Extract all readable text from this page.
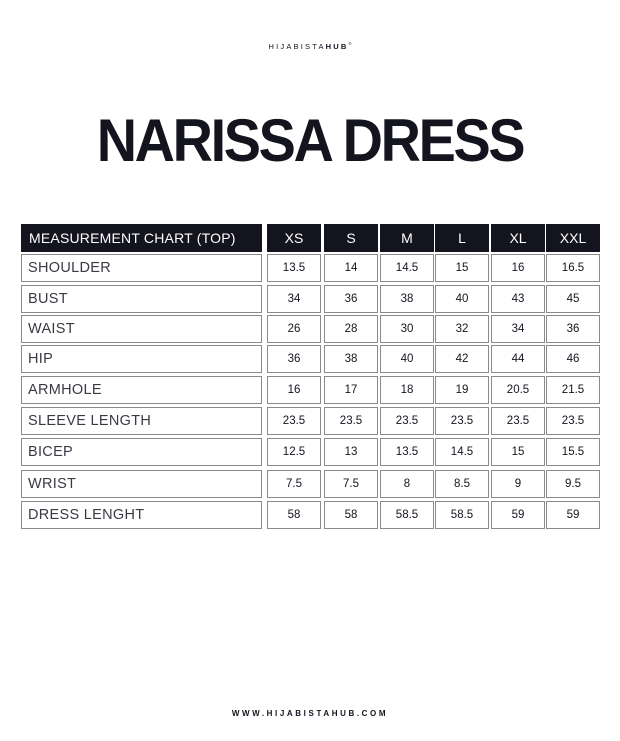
HIJABISTAHUB®
NARISSA DRESS
MEASUREMENT CHART (TOP)	XS	S	M	L	XL	XXL
SHOULDER	13.5	14	14.5	15	16	16.5
BUST	34	36	38	40	43	45
WAIST	26	28	30	32	34	36
HIP	36	38	40	42	44	46
ARMHOLE	16	17	18	19	20.5	21.5
SLEEVE LENGTH	23.5	23.5	23.5	23.5	23.5	23.5
BICEP	12.5	13	13.5	14.5	15	15.5
WRIST	7.5	7.5	8	8.5	9	9.5
DRESS LENGHT	58	58	58.5	58.5	59	59
WWW.HIJABISTAHUB.COM
